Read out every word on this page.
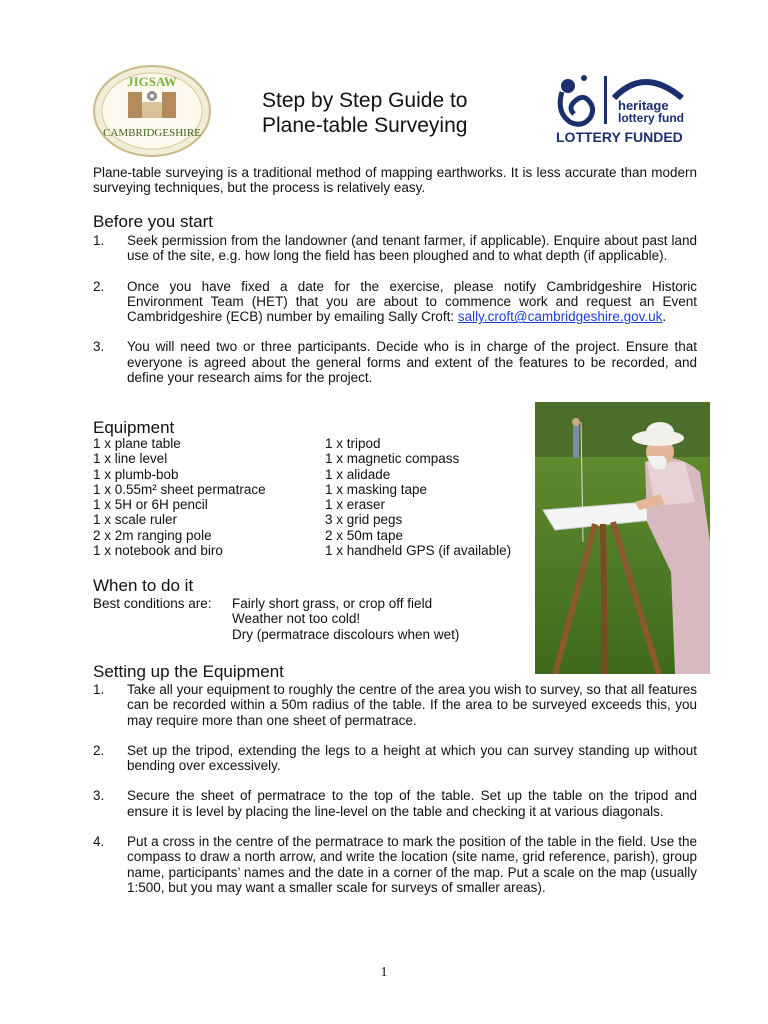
JIGSAW
CAMBRIDGESHIRE
Step by Step Guide to
Plane-table Surveying
heritage
lottery fund
LOTTERY FUNDED
Plane-table surveying is a traditional method of mapping earthworks. It is less accurate than modern surveying techniques, but the process is relatively easy.
Before you start

1. Seek permission from the landowner (and tenant farmer, if applicable). Enquire about past land use of the site, e.g. how long the field has been ploughed and to what depth (if applicable).

2. Once you have fixed a date for the exercise, please notify Cambridgeshire Historic Environment Team (HET) that you are about to commence work and request an Event Cambridgeshire (ECB) number by emailing Sally Croft: sally.croft@cambridgeshire.gov.uk.

3. You will need two or three participants. Decide who is in charge of the project. Ensure that everyone is agreed about the general forms and extent of the features to be recorded, and define your research aims for the project.

Equipment
1 x plane table
1 x line level
1 x plumb-bob
1 x 0.55m² sheet permatrace
1 x 5H or 6H pencil
1 x scale ruler
2 x 2m ranging pole
1 x notebook and biro
1 x tripod
1 x magnetic compass
1 x alidade
1 x masking tape
1 x eraser
3 x grid pegs
2 x 50m tape
1 x handheld GPS (if available)
When to do it
Best conditions are:	Fairly short grass, or crop off field
Weather not too cold!
Dry (permatrace discolours when wet)
Setting up the Equipment

1. Take all your equipment to roughly the centre of the area you wish to survey, so that all features can be recorded within a 50m radius of the table. If the area to be surveyed exceeds this, you may require more than one sheet of permatrace.

2. Set up the tripod, extending the legs to a height at which you can survey standing up without bending over excessively.

3. Secure the sheet of permatrace to the top of the table. Set up the table on the tripod and ensure it is level by placing the line-level on the table and checking it at various diagonals.

4. Put a cross in the centre of the permatrace to mark the position of the table in the field. Use the compass to draw a north arrow, and write the location (site name, grid reference, parish), group name, participants’ names and the date in a corner of the map. Put a scale on the map (usually 1:500, but you may want a smaller scale for surveys of smaller areas).

1
